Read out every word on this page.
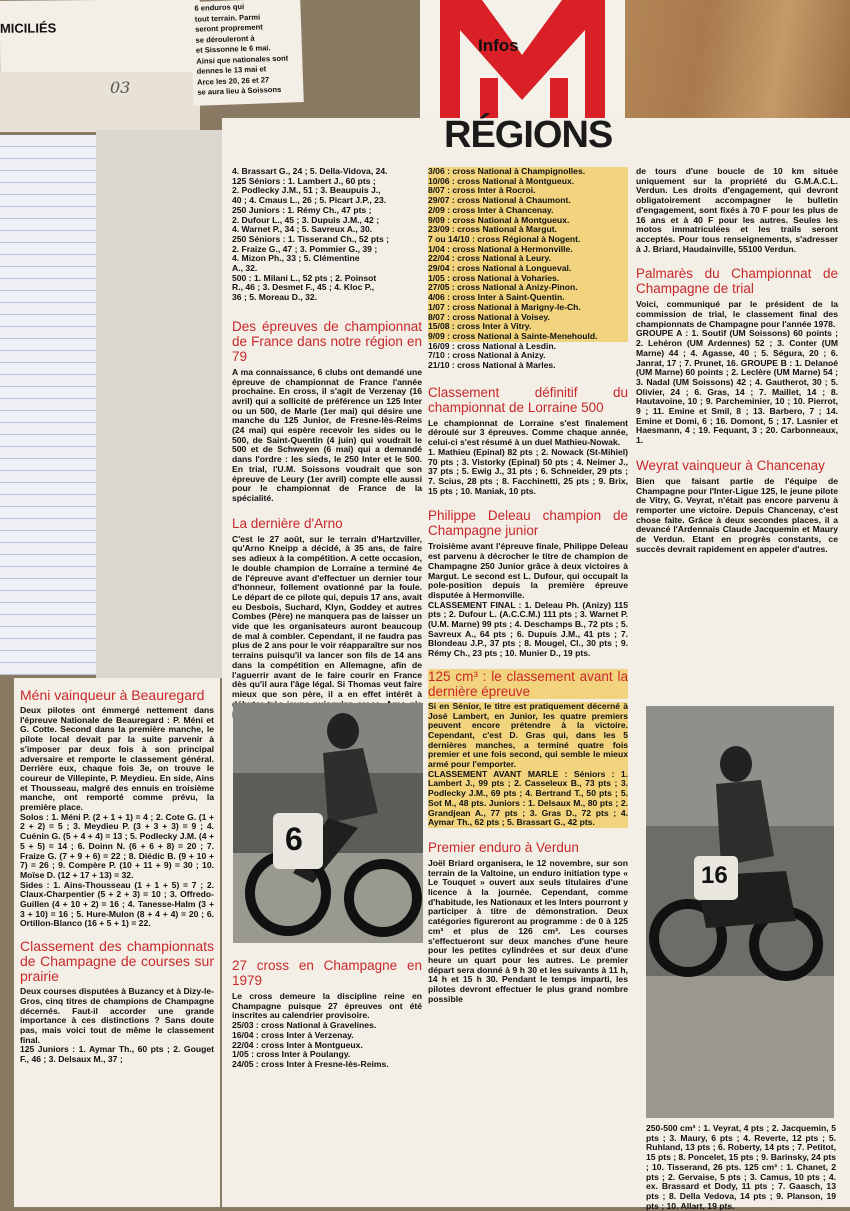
MICILIÉS
03
6 enduros qui
tout terrain. Parmi
seront proprement
se dérouleront à
et Sissonne le 6 mai.
Ainsi que nationales sont
dennes le 13 mai et
Arce les 20, 26 et 27
se aura lieu à Soissons
Infos
RÉGIONS
4. Brassart G., 24 ; 5. Della-Vidova, 24.
125 Séniors : 1. Lambert J., 60 pts ;
2. Podlecky J.M., 51 ; 3. Beaupuis J.,
40 ; 4. Cmaus L., 26 ; 5. Picart J.P., 23.
250 Juniors : 1. Rémy Ch., 47 pts ;
2. Dufour L., 45 ; 3. Dupuis J.M., 42 ;
4. Warnet P., 34 ; 5. Savreux A., 30.
250 Séniors : 1. Tisserand Ch., 52 pts ;
2. Fraize G., 47 ; 3. Pommier G., 39 ;
4. Mizon Ph., 33 ; 5. Clémentine
A., 32.
500 : 1. Milani L., 52 pts ; 2. Poinsot
R., 46 ; 3. Desmet F., 45 ; 4. Kloc P.,
36 ; 5. Moreau D., 32.
Des épreuves de championnat de France dans notre région en 79

A ma connaissance, 6 clubs ont demandé une épreuve de championnat de France l'année prochaine. En cross, il s'agit de Verzenay (16 avril) qui a sollicité de préférence un 125 Inter ou un 500, de Marle (1er mai) qui désire une manche du 125 Junior, de Fresne-lès-Reims (24 mai) qui espère recevoir les sides ou le 500, de Saint-Quentin (4 juin) qui voudrait le 500 et de Schweyen (6 mai) qui a demandé dans l'ordre : les sieds, le 250 Inter et le 500. En trial, l'U.M. Soissons voudrait que son épreuve de Leury (1er avril) compte elle aussi pour le championnat de France de la spécialité.

La dernière d'Arno

C'est le 27 août, sur le terrain d'Hartzviller, qu'Arno Kneipp a décidé, à 35 ans, de faire ses adieux à la compétition. A cette occasion, le double champion de Lorraine a terminé 4e de l'épreuve avant d'effectuer un dernier tour d'honneur, follement ovationné par la foule. Le départ de ce pilote qui, depuis 17 ans, avait eu Desbois, Suchard, Klyn, Goddey et autres Combes (Père) ne manquera pas de laisser un vide que les organisateurs auront beaucoup de mal à combler. Cependant, il ne faudra pas plus de 2 ans pour le voir réapparaître sur nos terrains puisqu'il va lancer son fils de 14 ans dans la compétition en Allemagne, afin de l'aguerrir avant de le faire courir en France dès qu'il aura l'âge légal. Si Thomas veut faire mieux que son père, il a en effet intérêt à

6

27 cross en Champagne en 1979

Le cross demeure la discipline reine en Champagne puisque 27 épreuves ont été inscrites au calendrier provisoire.

25/03 : cross National à Gravelines.
16/04 : cross Inter à Verzenay.
22/04 : cross Inter à Montgueux.
1/05 : cross Inter à Poulangy.
24/05 : cross Inter à Fresne-lès-Reims.
Méni vainqueur à Beauregard

Deux pilotes ont émmergé nettement dans l'épreuve Nationale de Beauregard : P. Méni et G. Cotte. Second dans la première manche, le pilote local devait par la suite parvenir à s'imposer par deux fois à son principal adversaire et remporte le classement général. Derrière eux, chaque fois 3e, on trouve le coureur de Villepinte, P. Meydieu. En side, Ains et Thousseau, malgré des ennuis en troisième manche, ont remporté comme prévu, la première place.

Solos : 1. Méni P. (2 + 1 + 1) = 4 ; 2. Cote G. (1 + 2 + 2) = 5 ; 3. Meydieu P. (3 + 3 + 3) = 9 ; 4. Cuénin G. (5 + 4 + 4) = 13 ; 5. Podlecky J.M. (4 + 5 + 5) = 14 ; 6. Doinn N. (6 + 6 + 8) = 20 ; 7. Fraize G. (7 + 9 + 6) = 22 ; 8. Diédic B. (9 + 10 + 7) = 26 ; 9. Compère P. (10 + 11 + 9) = 30 ; 10. Moïse D. (12 + 17 + 13) = 32.

Sides : 1. Ains-Thousseau (1 + 1 + 5) = 7 ; 2. Claux-Charpentier (5 + 2 + 3) = 10 ; 3. Offredo-Guillen (4 + 10 + 2) = 16 ; 4. Tanesse-Halm (3 + 3 + 10) = 16 ; 5. Hure-Mulon (8 + 4 + 4) = 20 ; 6. Ortillon-Blanco (16 + 5 + 1) = 22.

Classement des championnats de Champagne de courses sur prairie

Deux courses disputées à Buzancy et à Dizy-le-Gros, cinq titres de champions de Champagne décernés. Faut-il accorder une grande importance à ces distinctions ? Sans doute pas, mais voici tout de même le classement final.

125 Juniors : 1. Aymar Th., 60 pts ; 2. Gouget F., 46 ; 3. Delsaux M., 37 ;

3/06 : cross National à Champignolles.
10/06 : cross National à Montgueux.
8/07 : cross Inter à Rocroi.
29/07 : cross National à Chaumont.
2/09 : cross Inter à Chancenay.
9/09 : cross National à Montgueux.
23/09 : cross National à Margut.
7 ou 14/10 : cross Régional à Nogent.
1/04 : cross National à Hermonville.
22/04 : cross National à Leury.
29/04 : cross National à Longueval.
1/05 : cross National à Voharies.
27/05 : cross National à Anizy-Pinon.
4/06 : cross Inter à Saint-Quentin.
1/07 : cross National à Marigny-le-Ch.
8/07 : cross National à Voisey.
15/08 : cross Inter à Vitry.
9/09 : cross National à Sainte-Menehould.
16/09 : cross National à Lesdin.
7/10 : cross National à Anizy.
21/10 : cross National à Marles.
Classement définitif du championnat de Lorraine 500

Le championnat de Lorraine s'est finalement déroulé sur 3 épreuves. Comme chaque année, celui-ci s'est résumé à un duel Mathieu-Nowak.

1. Mathieu (Epinal) 82 pts ; 2. Nowack (St-Mihiel) 70 pts ; 3. Vistorky (Epinal) 50 pts ; 4. Neimer J., 37 pts ; 5. Ewig J., 31 pts ; 6. Schneider, 29 pts ; 7. Scius, 28 pts ; 8. Facchinetti, 25 pts ; 9. Brix, 15 pts ; 10. Maniak, 10 pts.

Philippe Deleau champion de Champagne junior

Troisième avant l'épreuve finale, Philippe Deleau est parvenu à décrocher le titre de champion de Champagne 250 Junior grâce à deux victoires à Margut. Le second est L. Dufour, qui occupait la pole-position depuis la première épreuve disputée à Hermonville.

CLASSEMENT FINAL : 1. Deleau Ph. (Anizy) 115 pts ; 2. Dufour L. (A.C.C.M.) 111 pts ; 3. Warnet P. (U.M. Marne) 99 pts ; 4. Deschamps B., 72 pts ; 5. Savreux A., 64 pts ; 6. Dupuis J.M., 41 pts ; 7. Blondeau J.P., 37 pts ; 8. Mougel, Cl., 30 pts ; 9. Rémy Ch., 23 pts ; 10. Munier D., 19 pts.

125 cm³ : le classement avant la dernière épreuve

Si en Sénior, le titre est pratiquement décerné à José Lambert, en Junior, les quatre premiers peuvent encore prétendre à la victoire. Cependant, c'est D. Gras qui, dans les 5 dernières manches, a terminé quatre fois premier et une fois second, qui semble le mieux armé pour l'emporter.

CLASSEMENT AVANT MARLE : Séniors : 1. Lambert J., 99 pts ; 2. Casseleux B., 73 pts ; 3. Podlecky J.M., 69 pts ; 4. Bertrand T., 50 pts ; 5. Sot M., 48 pts. Juniors : 1. Delsaux M., 80 pts ; 2. Grandjean A., 77 pts ; 3. Gras D., 72 pts ; 4. Aymar Th., 62 pts ; 5. Brassart G., 42 pts.

Premier enduro à Verdun

Joël Briard organisera, le 12 novembre, sur son terrain de la Valtoine, un enduro initiation type « Le Touquet » ouvert aux seuls titulaires d'une licence à la journée. Cependant, comme d'habitude, les Nationaux et les Inters pourront y participer à titre de démonstration. Deux catégories figureront au programme : de 0 à 125 cm³ et plus de 126 cm³. Les courses s'effectueront sur deux manches d'une heure pour les petites cylindrées et sur deux d'une heure un quart pour les autres. Le premier départ sera donné à 9 h 30 et les suivants à 11 h, 14 h et 15 h 30. Pendant le temps imparti, les pilotes devront effectuer le plus grand nombre possible

de tours d'une boucle de 10 km située uniquement sur la propriété du G.M.A.C.L. Verdun. Les droits d'engagement, qui devront obligatoirement accompagner le bulletin d'engagement, sont fixés à 70 F pour les plus de 16 ans et à 40 F pour les autres. Seules les motos immatriculées et les trails seront acceptés. Pour tous renseignements, s'adresser à J. Briard, Haudainville, 55100 Verdun.

Palmarès du Championnat de Champagne de trial

Voici, communiqué par le président de la commission de trial, le classement final des championnats de Champagne pour l'année 1978.

GROUPE A : 1. Soutif (UM Soissons) 60 points ; 2. Lehéron (UM Ardennes) 52 ; 3. Conter (UM Marne) 44 ; 4. Agasse, 40 ; 5. Ségura, 20 ; 6. Janrat, 17 ; 7. Prunet, 16. GROUPE B : 1. Delanoé (UM Marne) 60 points ; 2. Leclère (UM Marne) 54 ; 3. Nadal (UM Soissons) 42 ; 4. Gautherot, 30 ; 5. Olivier, 24 ; 6. Gras, 14 ; 7. Maillet, 14 ; 8. Hautavoine, 10 ; 9. Parcheminier, 10 ; 10. Pierrot, 9 ; 11. Emine et Smil, 8 ; 13. Barbero, 7 ; 14. Emine et Domi, 6 ; 16. Domont, 5 ; 17. Lasnier et Haesmann, 4 ; 19. Fequant, 3 ; 20. Carbonneaux, 1.

Weyrat vainqueur à Chancenay

Bien que faisant partie de l'équipe de Champagne pour l'Inter-Ligue 125, le jeune pilote de Vitry, G. Veyrat, n'était pas encore parvenu à remporter une victoire. Depuis Chancenay, c'est chose faite. Grâce à deux secondes places, il a devancé l'Ardennais Claude Jacquemin et Maury de Verdun. Etant en progrès constants, ce succès devrait rapidement en appeler d'autres.

16

250-500 cm³ : 1. Veyrat, 4 pts ; 2. Jacquemin, 5 pts ; 3. Maury, 6 pts ; 4. Reverte, 12 pts ; 5. Ruhland, 13 pts ; 6. Roberty, 14 pts ; 7. Petitot, 15 pts ; 8. Poncelet, 15 pts ; 9. Barinsky, 24 pts ; 10. Tisserand, 26 pts. 125 cm³ : 1. Chanet, 2 pts ; 2. Gervaise, 5 pts ; 3. Camus, 10 pts ; 4. ex. Brassard et Dody, 11 pts ; 7. Gaasch, 13 pts ; 8. Della Vedova, 14 pts ; 9. Planson, 19 pts ; 10. Allart, 19 pts.
